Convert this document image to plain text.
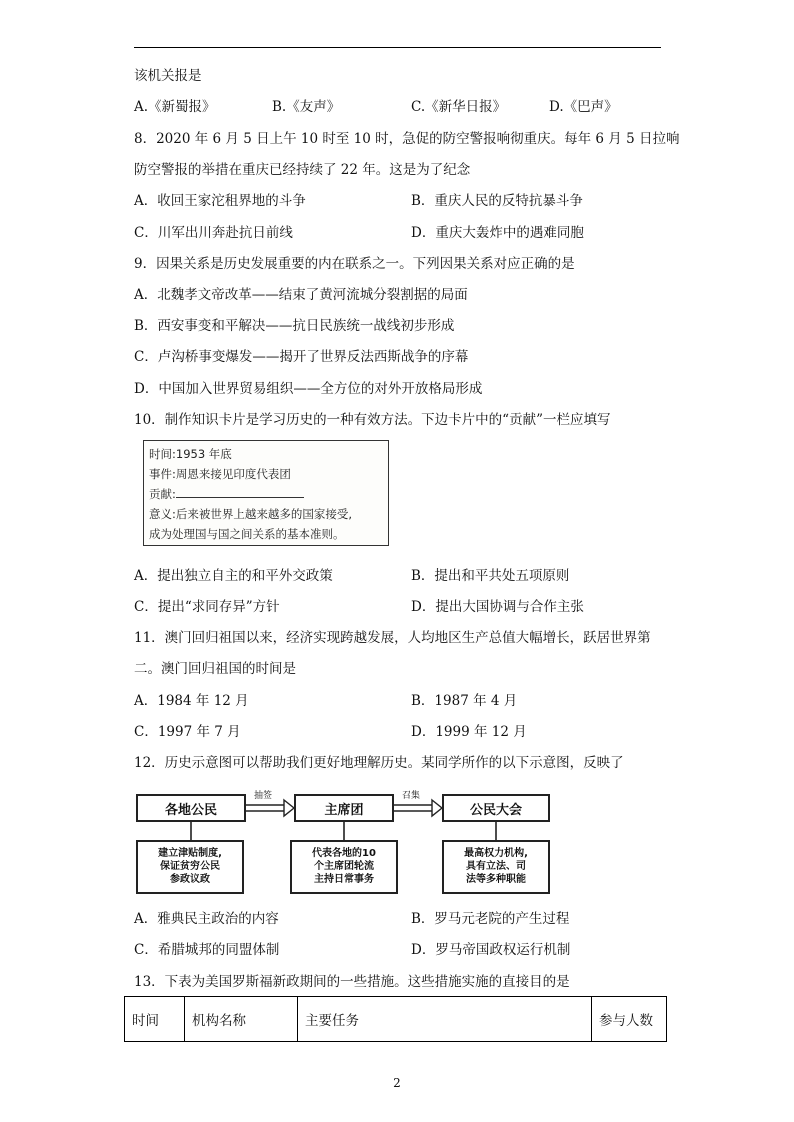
该机关报是
A.《新蜀报》	B.《友声》	C.《新华日报》	D.《巴声》
8．2020 年 6 月 5 日上午 10 时至 10 时，急促的防空警报响彻重庆。每年 6 月 5 日拉响
防空警报的举措在重庆已经持续了 22 年。这是为了纪念
A．收回王家沱租界地的斗争	B．重庆人民的反特抗暴斗争
C．川军出川奔赴抗日前线	D．重庆大轰炸中的遇难同胞
9．因果关系是历史发展重要的内在联系之一。下列因果关系对应正确的是
A．北魏孝文帝改革——结束了黄河流城分裂割据的局面
B．西安事变和平解决——抗日民族统一战线初步形成
C．卢沟桥事变爆发——揭开了世界反法西斯战争的序幕
D．中国加入世界贸易组织——全方位的对外开放格局形成
10．制作知识卡片是学习历史的一种有效方法。下边卡片中的“贡献”一栏应填写
时间:1953 年底
事件:周恩来接见印度代表团
贡献:
意义:后来被世界上越来越多的国家接受,
成为处理国与国之间关系的基本准则。
A．提出独立自主的和平外交政策	B．提出和平共处五项原则
C．提出“求同存异”方针	D．提出大国协调与合作主张
11．澳门回归祖国以来，经济实现跨越发展，人均地区生产总值大幅增长，跃居世界第
二。澳门回归祖国的时间是
A．1984 年 12 月	B．1987 年 4 月
C．1997 年 7 月	D．1999 年 12 月
12．历史示意图可以帮助我们更好地理解历史。某同学所作的以下示意图，反映了
抽签	召集
各地公民	主席团	公民大会
建立津贴制度,
保证贫穷公民
参政议政
代表各地的10
个主席团轮流
主持日常事务
最高权力机构,
具有立法、司
法等多种职能
A．雅典民主政治的内容	B．罗马元老院的产生过程
C．希腊城邦的同盟体制	D．罗马帝国政权运行机制
13．下表为美国罗斯福新政期间的一些措施。这些措施实施的直接目的是
时间	机构名称	主要任务	参与人数
2
